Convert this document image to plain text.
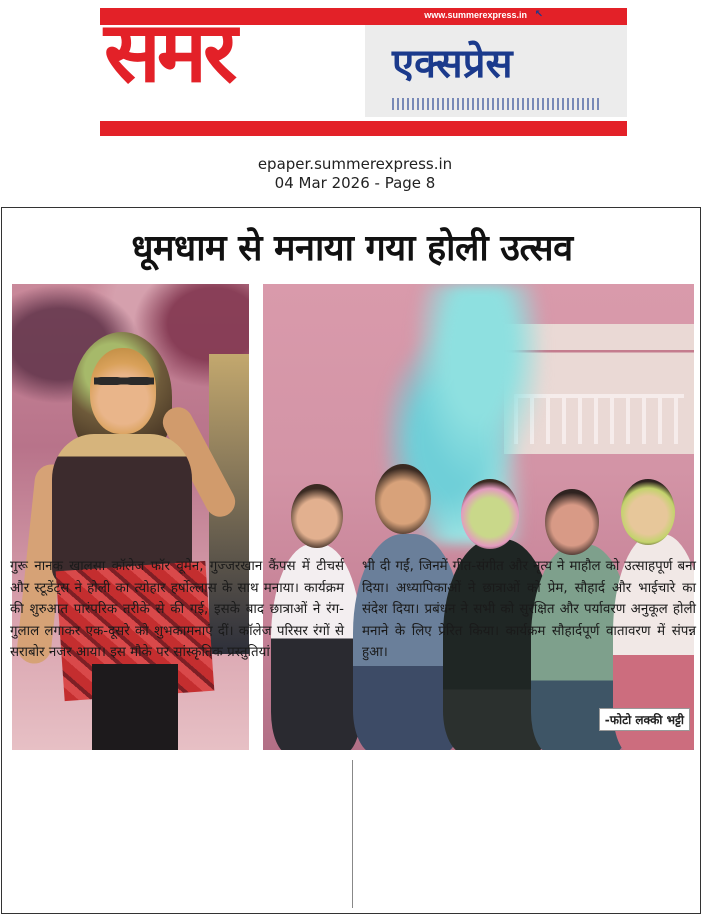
www.summerexpress.in ↖
समर	एक्सप्रेस
epaper.summerexpress.in
04 Mar 2026 - Page 8
धूमधाम से मनाया गया होली उत्सव
-फोटो लक्की भट्टी
गुरू नानक खालसा कॉलेज फॉर वूमेन, गुज्जरखान कैंपस में टीचर्स और स्टूडेंट्स ने होली का त्योहार हर्षोल्लास के साथ मनाया। कार्यक्रम की शुरुआत पारंपरिक तरीके से की गई, इसके बाद छात्राओं ने रंग-गुलाल लगाकर एक-दूसरे को शुभकामनाएं दीं। कॉलेज परिसर रंगों से सराबोर नजर आया। इस मौके पर सांस्कृतिक प्रस्तुतियां
भी दी गईं, जिनमें गीत-संगीत और नृत्य ने माहौल को उत्साहपूर्ण बना दिया। अध्यापिकाओं ने छात्राओं को प्रेम, सौहार्द और भाईचारे का संदेश दिया। प्रबंधन ने सभी को सुरक्षित और पर्यावरण अनुकूल होली मनाने के लिए प्रेरित किया। कार्यक्रम सौहार्दपूर्ण वातावरण में संपन्न हुआ।
